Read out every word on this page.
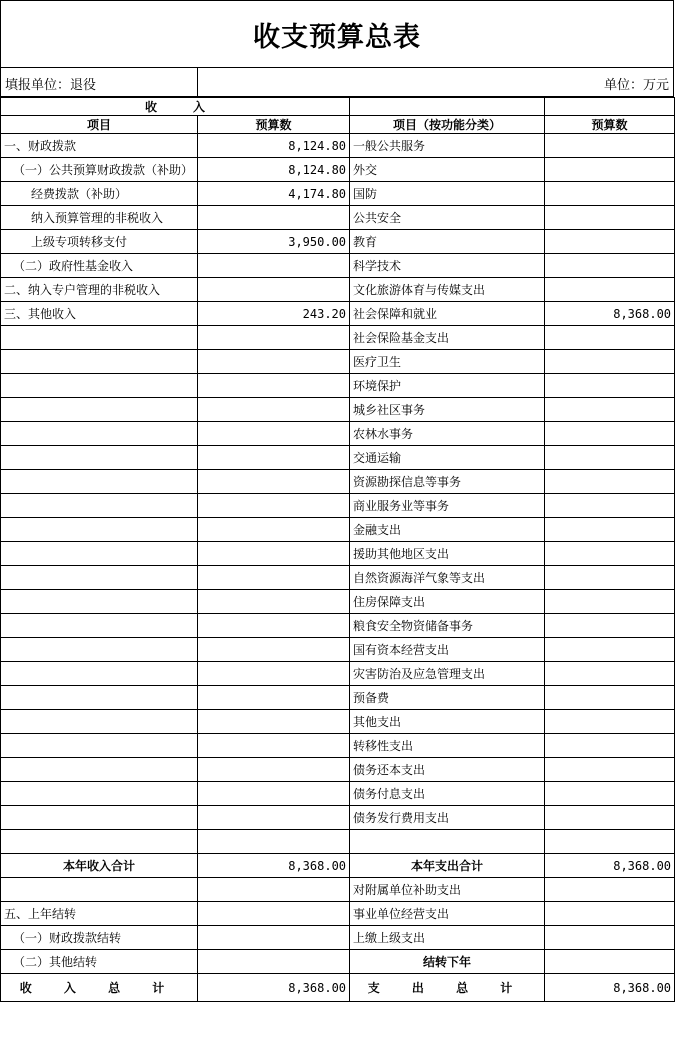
收支预算总表
填报单位：退役	单位：万元
收　　　入			
项目	预算数	项目（按功能分类）	预算数
一、财政拨款	8,124.80	一般公共服务	
（一）公共预算财政拨款（补助）	8,124.80	外交	
经费拨款（补助）	4,174.80	国防	
纳入预算管理的非税收入		公共安全	
上级专项转移支付	3,950.00	教育	
（二）政府性基金收入		科学技术	
二、纳入专户管理的非税收入		文化旅游体育与传媒支出	
三、其他收入	243.20	社会保障和就业	8,368.00
		社会保险基金支出	
		医疗卫生	
		环境保护	
		城乡社区事务	
		农林水事务	
		交通运输	
		资源勘探信息等事务	
		商业服务业等事务	
		金融支出	
		援助其他地区支出	
		自然资源海洋气象等支出	
		住房保障支出	
		粮食安全物资储备事务	
		国有资本经营支出	
		灾害防治及应急管理支出	
		预备费	
		其他支出	
		转移性支出	
		债务还本支出	
		债务付息支出	
		债务发行费用支出	

本年收入合计	8,368.00	本年支出合计	8,368.00
		对附属单位补助支出	
五、上年结转		事业单位经营支出	
（一）财政拨款结转		上缴上级支出	
（二）其他结转		结转下年	
收 入 总 计	8,368.00	支 出 总 计	8,368.00
